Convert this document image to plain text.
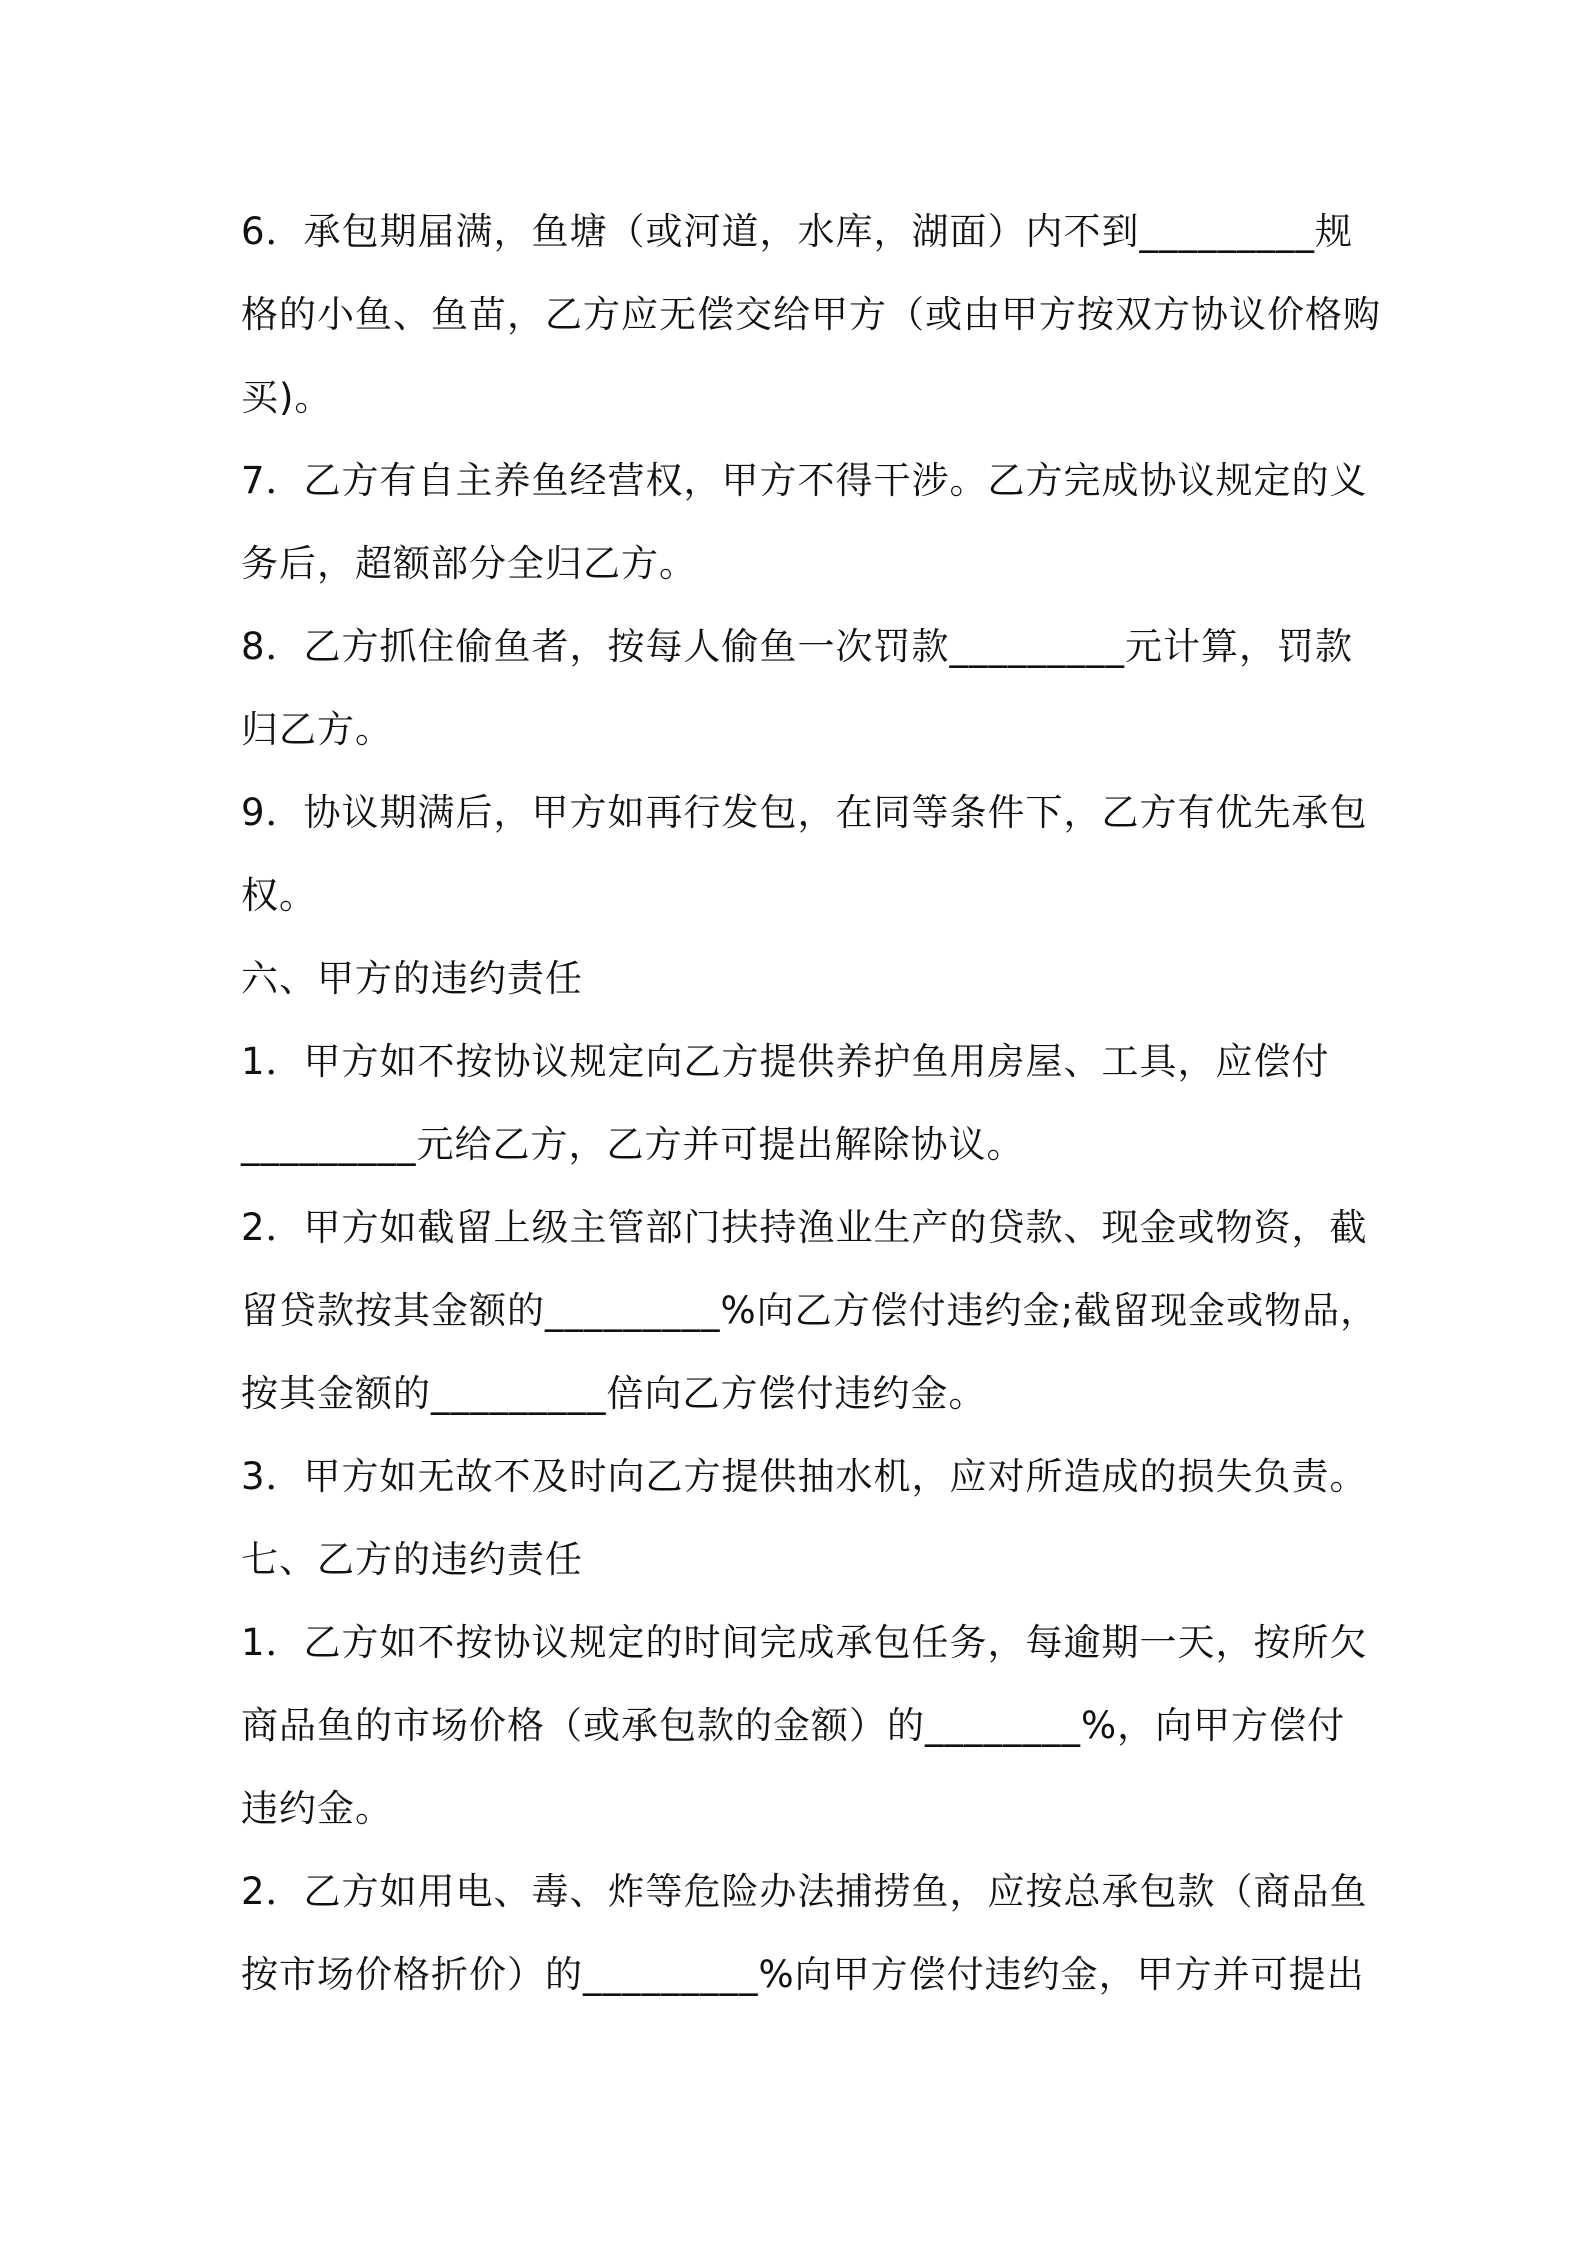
6．承包期届满，鱼塘（或河道，水库，湖面）内不到_________规
格的小鱼、鱼苗，乙方应无偿交给甲方（或由甲方按双方协议价格购
买)。
7．乙方有自主养鱼经营权，甲方不得干涉。乙方完成协议规定的义
务后，超额部分全归乙方。
8．乙方抓住偷鱼者，按每人偷鱼一次罚款_________元计算，罚款
归乙方。
9．协议期满后，甲方如再行发包，在同等条件下，乙方有优先承包
权。
六、甲方的违约责任
1．甲方如不按协议规定向乙方提供养护鱼用房屋、工具，应偿付
_________元给乙方，乙方并可提出解除协议。
2．甲方如截留上级主管部门扶持渔业生产的贷款、现金或物资，截
留贷款按其金额的_________%向乙方偿付违约金;截留现金或物品，
按其金额的_________倍向乙方偿付违约金。
3．甲方如无故不及时向乙方提供抽水机，应对所造成的损失负责。
七、乙方的违约责任
1．乙方如不按协议规定的时间完成承包任务，每逾期一天，按所欠
商品鱼的市场价格（或承包款的金额）的________%，向甲方偿付
违约金。
2．乙方如用电、毒、炸等危险办法捕捞鱼，应按总承包款（商品鱼
按市场价格折价）的_________%向甲方偿付违约金，甲方并可提出
